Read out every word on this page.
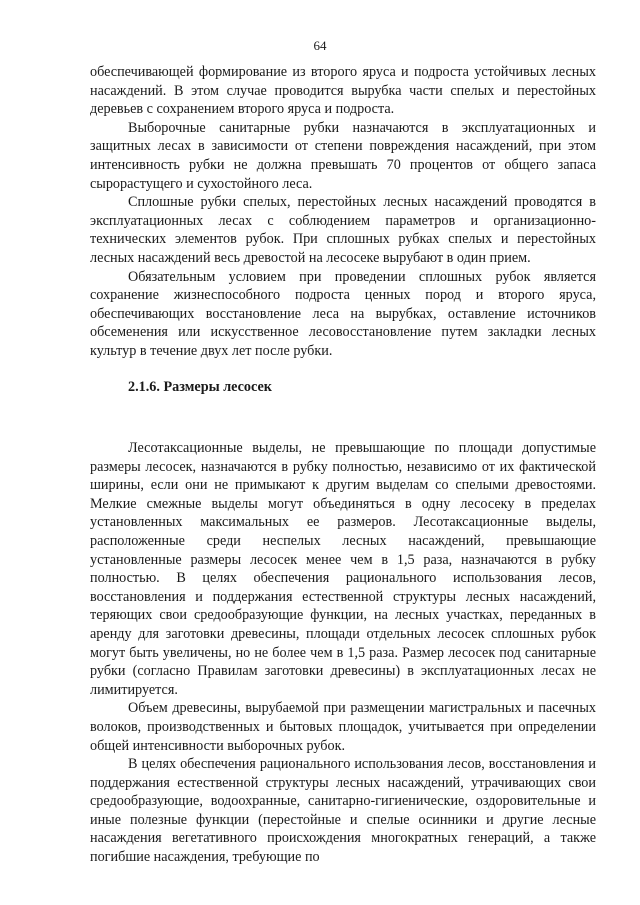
64

обеспечивающей формирование из второго яруса и подроста устойчивых лесных насаждений. В этом случае проводится вырубка части спелых и перестойных деревьев с сохранением второго яруса и подроста.

Выборочные санитарные рубки назначаются в эксплуатационных и защитных лесах в зависимости от степени повреждения насаждений, при этом интенсивность рубки не должна превышать 70 процентов от общего запаса сырорастущего и сухостойного леса.

Сплошные рубки спелых, перестойных лесных насаждений проводятся в эксплуатационных лесах с соблюдением параметров и организационно-технических элементов рубок. При сплошных рубках спелых и перестойных лесных насаждений весь древостой на лесосеке вырубают в один прием.

Обязательным условием при проведении сплошных рубок является сохранение жизнеспособного подроста ценных пород и второго яруса, обеспечивающих восстановление леса на вырубках, оставление источников обсеменения или искусственное лесовосстановление путем закладки лесных культур в течение двух лет после рубки.

2.1.6. Размеры лесосек

Лесотаксационные выделы, не превышающие по площади допустимые размеры лесосек, назначаются в рубку полностью, независимо от их фактической ширины, если они не примыкают к другим выделам со спелыми древостоями. Мелкие смежные выделы могут объединяться в одну лесосеку в пределах установленных максимальных ее размеров. Лесотаксационные выделы, расположенные среди неспелых лесных насаждений, превышающие установленные размеры лесосек менее чем в 1,5 раза, назначаются в рубку полностью. В целях обеспечения рационального использования лесов, восстановления и поддержания естественной структуры лесных насаждений, теряющих свои средообразующие функции, на лесных участках, переданных в аренду для заготовки древесины, площади отдельных лесосек сплошных рубок могут быть увеличены, но не более чем в 1,5 раза. Размер лесосек под санитарные рубки (согласно Правилам заготовки древесины) в эксплуатационных лесах не лимитируется.

Объем древесины, вырубаемой при размещении магистральных и пасечных волоков, производственных и бытовых площадок, учитывается при определении общей интенсивности выборочных рубок.

В целях обеспечения рационального использования лесов, восстановления и поддержания естественной структуры лесных насаждений, утрачивающих свои средообразующие, водоохранные, санитарно-гигиенические, оздоровительные и иные полезные функции (перестойные и спелые осинники и другие лесные насаждения вегетативного происхождения многократных генераций, а также погибшие насаждения, требующие по
